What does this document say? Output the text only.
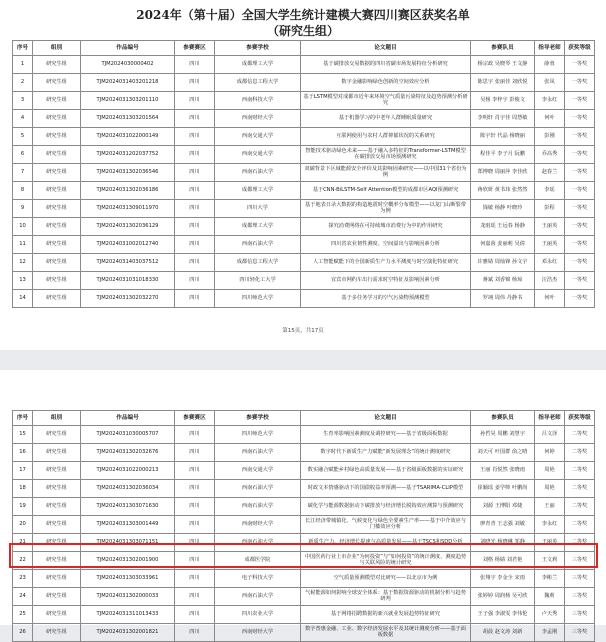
2024年（第十届）全国大学生统计建模大赛四川赛区获奖名单
（研究生组）
序号	组别	作品编号	参赛赛区	参赛学校	论文题目	参赛队员	指导老师	获奖等级
1	研究生组	TJM2024030000402	四川	成都理工大学	基于碳排放交易数据的四川省碳市场发展特征分析研究	杨宗政 吴晓琴 王文静	薛蓉	一等奖
2	研究生组	TJM2024031403201218	四川	成都信息工程大学	数字金融影响绿色创新的空间效应分析	陈思宇 张丽佳 刘欣悦	张凤	一等奖
3	研究生组	TJM2024031303201110	四川	西南科技大学	基于LSTM模型对成都市近年来环境空气质量污染特征及趋势预测分析研究	吴杨 李梓宇 彭俊文	李永红	一等奖
4	研究生组	TJM2024031303201564	四川	西南财经大学	基于机器学习的中老年人群睡眠质量研究	李明轩 肖宇佳 周慧敏	何叶	一等奖
5	研究生组	TJM2024031022000149	四川	西南交通大学	互联网使用与农村人群抑郁状况的关系研究	陈宇轩 代晶 杨晓丽	彭刚	一等奖
6	研究生组	TJM2024031202037752	四川	西南交通大学	智能技术驱动绿色未来——基于融入多特征的Transformer-LSTM模型在碳排放交易市场预测研究	程佳平 李子月 阮鹏	乔高秀	一等奖
7	研究生组	TJM2024031302036546	四川	西南石油大学	双碳背景下区域能源安全评价及其影响因素研究——以中国31个省份为例	郑博晓 周丽萍 李佳欣	赵春兰	一等奖
8	研究生组	TJM2024031302036186	四川	成都理工大学	基于CNN-BiLSTM-Self Attention模型的成都市区AQI预测研究	蒋欣妍 黄书玮 张然然	李瑶	一等奖
9	研究生组	TJM2024031309011970	四川	四川大学	基于地表日录大数据的构造地震时空概率分布模型——以龙门山断裂带为例	钱敏 杨静 叶晓玲	彭程	一等奖
10	研究生组	TJM2024031302036129	四川	成都理工大学	探究消费网络在可持续城市消费行为中的作用研究	龙雨瑶 王远春 杨静	王丽英	一等奖
11	研究生组	TJM2024031002012740	四川	西南石油大学	四川省农业韧性测度、空间溢出与影响因素分析	何嘉茵 姜丽莉 吴倩	王丽英	一等奖
12	研究生组	TJM2024031403037512	四川	成都信息工程大学	人工智能赋能下的全国新质生产力水平测度与时空演化特征研究	许雅婧 周灿锋 孙文宇	邓永红	一等奖
13	研究生组	TJM2024031031018330	四川	四川轻化工大学	宜宾市网约车出行需求时空特征及影响因素分析	蒋斌 刘香锦 杨琼	汪浩杰	一等奖
14	研究生组	TJM2024031302032270	四川	四川师范大学	基于多任务学习的空气污染物预测模型	罗翊 周伟 丹静书	何叶	一等奖
第15页，共17页
序号	组别	作品编号	参赛赛区	参赛学校	论文题目	参赛队员	指导老师	获奖等级
15	研究生组	TJM2024031030005707	四川	四川师范大学	生育率影响因素测度及调控研究——基于省级面板数据	孙哲昊 周鹏 刘慧宇	吕文泽	二等奖
16	研究生组	TJM2024031302032676	四川	西南石油大学	数字时代下新质生产力赋能“新发展理念”的统计测度研究	刘天可 叶国群 俞之晴	何婷	二等奖
17	研究生组	TJM2024031022000213	四川	西南交通大学	数实融合赋能乡村绿色高质量发展——基于省级面板数据的实证研究	王丽 肖悦然 张晓雨	周艳	二等奖
18	研究生组	TJM2024031302036034	四川	西南石油大学	时政文本情感驱动下的国债收益率预测——基于TSARIMA-CLIP模型	崔颖瑶 姜学帅 叶鹏尚	周艳	二等奖
19	研究生组	TJM2024031303071630	四川	西南石油大学	碳化学与能源数据驱动下碳排放与经济增长脱钩效应测算与预测研究	刘源 王博阳 邓婕	王丽	二等奖
20	研究生组	TJM2024031303001449	四川	西南财经大学	长江经济带城镇化、气候变化与绿色全要素生产率——基于中介效应与门槛效应分析	廖青青 王志强 刘敏	李永红	二等奖
21	研究生组	TJM2024031303071151	四川	西南石油大学	新质生产力、经济增长提速与高质量发展——基于TSCS和SDD分析	刘晓光 杨晓琳 邹静	王丽英	二等奖
22	研究生组	TJM2024031302001900	四川	成都医学院	中国医药行业上市企业“为何投资”与“如何投资”的统计测度、测度趋势与关联风险的统计研究	刘格 杨婧 刘君艳	王文莉	三等奖
23	研究生组	TJM2024031303033961	四川	电子科技大学	空气质量预测模型对比研究——以北京市为例	张翔宇 李金全 宋雨	李彬兰	三等奖
24	研究生组	TJM2024031302000033	四川	西南石油大学	气候能源如何影响全球安全体系：基于数据资源驱动的机制分析与趋势研判	张婷婷 周润杨 吴可欣	魏莉	三等奖
25	研究生组	TJM2024031311013433	四川	四川农业大学	基于网络招聘数据的新兴就业发展趋势特征研究	王子强 李淑雯 李伟伦	卢天秀	三等奖
26	研究生组	TJM2024031302001821	四川	西南财经大学	数字普惠金融、工业、数字经济发展水平及其统计测度分析——基于面板数据	胡晨 赵文涛 刘新	李孟刚	三等奖
